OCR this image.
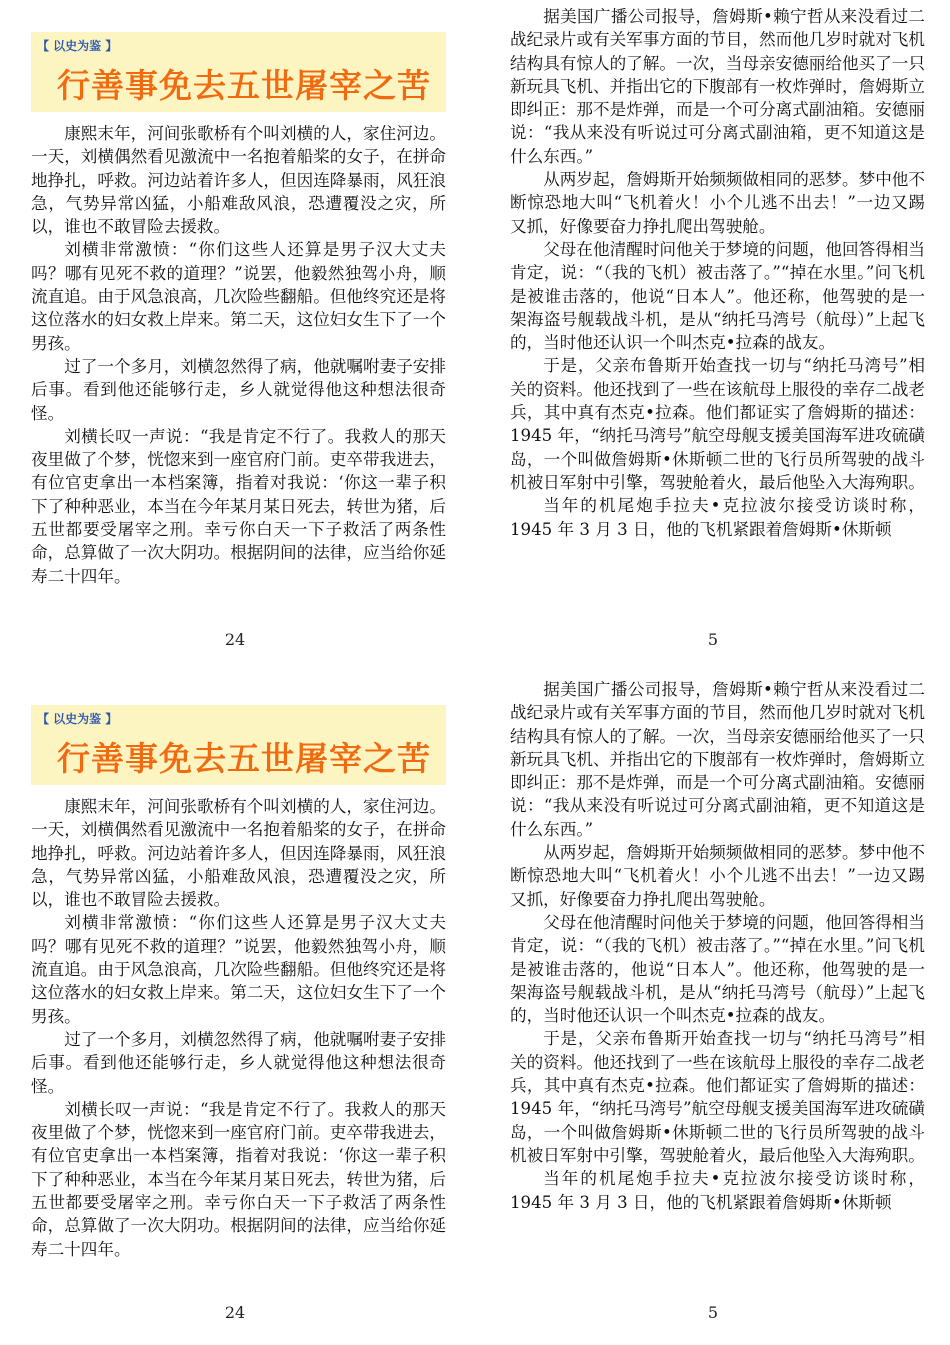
【 以史为鉴 】
行善事免去五世屠宰之苦

康熙末年，河间张歌桥有个叫刘横的人，家住河边。一天，刘横偶然看见激流中一名抱着船桨的女子，在拼命地挣扎，呼救。河边站着许多人，但因连降暴雨，风狂浪急，气势异常凶猛，小船难敌风浪，恐遭覆没之灾，所以，谁也不敢冒险去援救。

刘横非常激愤：“你们这些人还算是男子汉大丈夫吗？哪有见死不救的道理？”说罢，他毅然独驾小舟，顺流直追。由于风急浪高，几次险些翻船。但他终究还是将这位落水的妇女救上岸来。第二天，这位妇女生下了一个男孩。

过了一个多月，刘横忽然得了病，他就嘱咐妻子安排后事。看到他还能够行走，乡人就觉得他这种想法很奇怪。

刘横长叹一声说：“我是肯定不行了。我救人的那天夜里做了个梦，恍惚来到一座官府门前。吏卒带我进去，有位官吏拿出一本档案簿，指着对我说：‘你这一辈子积下了种种恶业，本当在今年某月某日死去，转世为猪，后五世都要受屠宰之刑。幸亏你白天一下子救活了两条性命，总算做了一次大阴功。根据阴间的法律，应当给你延寿二十四年。

24

据美国广播公司报导，詹姆斯•赖宁哲从来没看过二战纪录片或有关军事方面的节目，然而他几岁时就对飞机结构具有惊人的了解。一次，当母亲安德丽给他买了一只新玩具飞机、并指出它的下腹部有一枚炸弹时，詹姆斯立即纠正：那不是炸弹，而是一个可分离式副油箱。安德丽说：“我从来没有听说过可分离式副油箱，更不知道这是什么东西。”

从两岁起，詹姆斯开始频频做相同的恶梦。梦中他不断惊恐地大叫“飞机着火！小个儿逃不出去！”一边又踢又抓，好像要奋力挣扎爬出驾驶舱。

父母在他清醒时问他关于梦境的问题，他回答得相当肯定，说：“（我的飞机）被击落了。”“掉在水里。”问飞机是被谁击落的，他说“日本人”。他还称，他驾驶的是一架海盗号舰载战斗机，是从“纳托马湾号（航母）”上起飞的，当时他还认识一个叫杰克•拉森的战友。

于是，父亲布鲁斯开始查找一切与“纳托马湾号”相关的资料。他还找到了一些在该航母上服役的幸存二战老兵，其中真有杰克•拉森。他们都证实了詹姆斯的描述：1945 年，“纳托马湾号”航空母舰支援美国海军进攻硫磺岛，一个叫做詹姆斯•休斯顿二世的飞行员所驾驶的战斗机被日军射中引擎，驾驶舱着火，最后他坠入大海殉职。

当年的机尾炮手拉夫•克拉波尔接受访谈时称，1945 年 3 月 3 日，他的飞机紧跟着詹姆斯•休斯顿

5
【 以史为鉴 】
行善事免去五世屠宰之苦

康熙末年，河间张歌桥有个叫刘横的人，家住河边。一天，刘横偶然看见激流中一名抱着船桨的女子，在拼命地挣扎，呼救。河边站着许多人，但因连降暴雨，风狂浪急，气势异常凶猛，小船难敌风浪，恐遭覆没之灾，所以，谁也不敢冒险去援救。

刘横非常激愤：“你们这些人还算是男子汉大丈夫吗？哪有见死不救的道理？”说罢，他毅然独驾小舟，顺流直追。由于风急浪高，几次险些翻船。但他终究还是将这位落水的妇女救上岸来。第二天，这位妇女生下了一个男孩。

过了一个多月，刘横忽然得了病，他就嘱咐妻子安排后事。看到他还能够行走，乡人就觉得他这种想法很奇怪。

刘横长叹一声说：“我是肯定不行了。我救人的那天夜里做了个梦，恍惚来到一座官府门前。吏卒带我进去，有位官吏拿出一本档案簿，指着对我说：‘你这一辈子积下了种种恶业，本当在今年某月某日死去，转世为猪，后五世都要受屠宰之刑。幸亏你白天一下子救活了两条性命，总算做了一次大阴功。根据阴间的法律，应当给你延寿二十四年。

24

据美国广播公司报导，詹姆斯•赖宁哲从来没看过二战纪录片或有关军事方面的节目，然而他几岁时就对飞机结构具有惊人的了解。一次，当母亲安德丽给他买了一只新玩具飞机、并指出它的下腹部有一枚炸弹时，詹姆斯立即纠正：那不是炸弹，而是一个可分离式副油箱。安德丽说：“我从来没有听说过可分离式副油箱，更不知道这是什么东西。”

从两岁起，詹姆斯开始频频做相同的恶梦。梦中他不断惊恐地大叫“飞机着火！小个儿逃不出去！”一边又踢又抓，好像要奋力挣扎爬出驾驶舱。

父母在他清醒时问他关于梦境的问题，他回答得相当肯定，说：“（我的飞机）被击落了。”“掉在水里。”问飞机是被谁击落的，他说“日本人”。他还称，他驾驶的是一架海盗号舰载战斗机，是从“纳托马湾号（航母）”上起飞的，当时他还认识一个叫杰克•拉森的战友。

于是，父亲布鲁斯开始查找一切与“纳托马湾号”相关的资料。他还找到了一些在该航母上服役的幸存二战老兵，其中真有杰克•拉森。他们都证实了詹姆斯的描述：1945 年，“纳托马湾号”航空母舰支援美国海军进攻硫磺岛，一个叫做詹姆斯•休斯顿二世的飞行员所驾驶的战斗机被日军射中引擎，驾驶舱着火，最后他坠入大海殉职。

当年的机尾炮手拉夫•克拉波尔接受访谈时称，1945 年 3 月 3 日，他的飞机紧跟着詹姆斯•休斯顿

5
